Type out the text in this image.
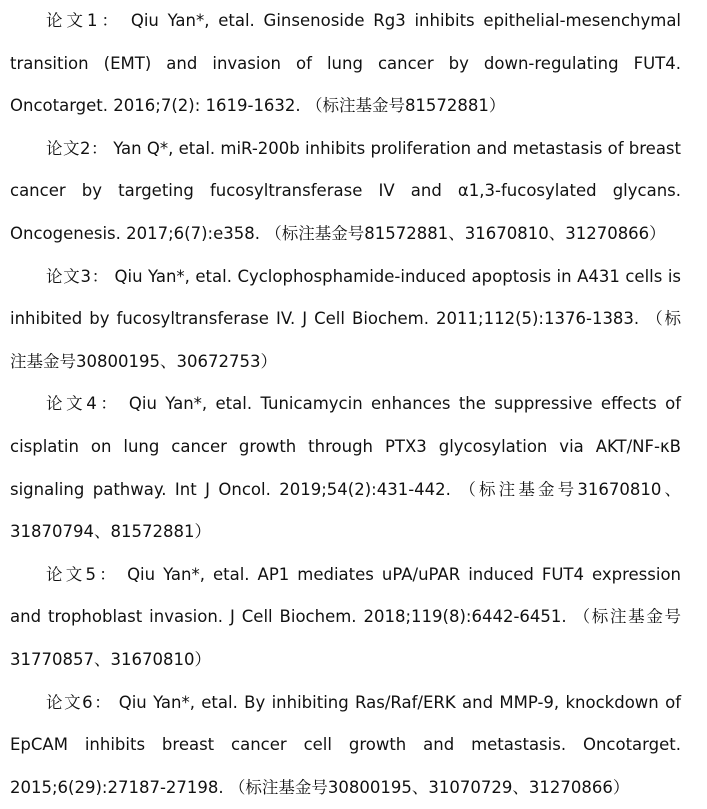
论文1： Qiu Yan*, etal. Ginsenoside Rg3 inhibits epithelial-mesenchymal transition (EMT) and invasion of lung cancer by down-regulating FUT4. Oncotarget. 2016;7(2): 1619-1632. （标注基金号81572881）

论文2： Yan Q*, etal. miR-200b inhibits proliferation and metastasis of breast cancer by targeting fucosyltransferase IV and α1,3-fucosylated glycans. Oncogenesis. 2017;6(7):e358. （标注基金号81572881、31670810、31270866）

论文3： Qiu Yan*, etal. Cyclophosphamide-induced apoptosis in A431 cells is inhibited by fucosyltransferase IV. J Cell Biochem. 2011;112(5):1376-1383. （标注基金号30800195、30672753）

论文4： Qiu Yan*, etal. Tunicamycin enhances the suppressive effects of cisplatin on lung cancer growth through PTX3 glycosylation via AKT/NF-κB signaling pathway. Int J Oncol. 2019;54(2):431-442. （标注基金号31670810、31870794、81572881）

论文5： Qiu Yan*, etal. AP1 mediates uPA/uPAR induced FUT4 expression and trophoblast invasion. J Cell Biochem. 2018;119(8):6442-6451. （标注基金号31770857、31670810）

论文6： Qiu Yan*, etal. By inhibiting Ras/Raf/ERK and MMP-9, knockdown of EpCAM inhibits breast cancer cell growth and metastasis. Oncotarget. 2015;6(29):27187-27198. （标注基金号30800195、31070729、31270866）
